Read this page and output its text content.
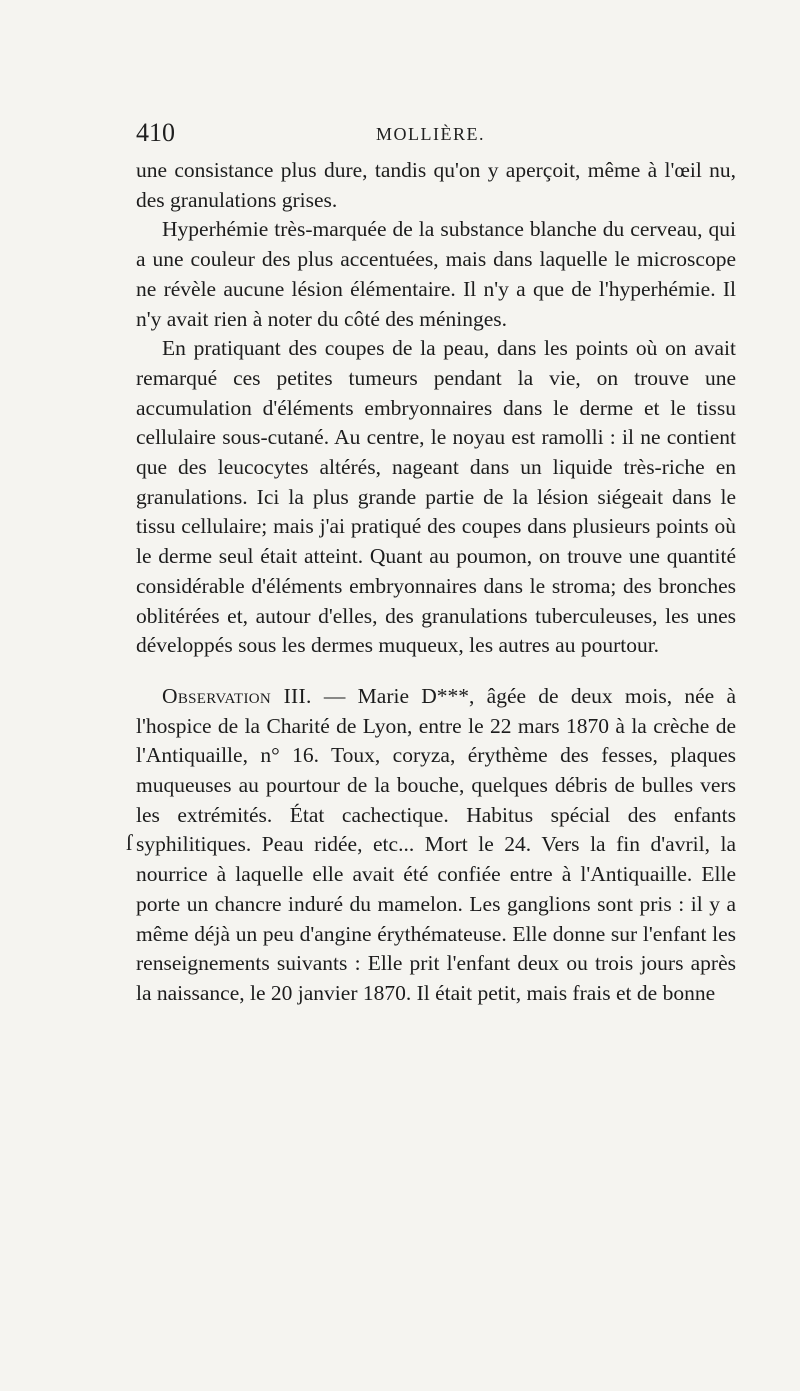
410	MOLLIÈRE.
ſ

une consistance plus dure, tandis qu'on y aperçoit, même à l'œil nu, des granulations grises.

Hyperhémie très-marquée de la substance blanche du cerveau, qui a une couleur des plus accentuées, mais dans laquelle le microscope ne révèle aucune lésion élémentaire. Il n'y a que de l'hyperhémie. Il n'y avait rien à noter du côté des méninges.

En pratiquant des coupes de la peau, dans les points où on avait remarqué ces petites tumeurs pendant la vie, on trouve une accumulation d'éléments embryonnaires dans le derme et le tissu cellulaire sous-cutané. Au centre, le noyau est ramolli : il ne contient que des leucocytes altérés, nageant dans un liquide très-riche en granulations. Ici la plus grande partie de la lésion siégeait dans le tissu cellulaire; mais j'ai pratiqué des coupes dans plusieurs points où le derme seul était atteint. Quant au poumon, on trouve une quantité considérable d'éléments embryonnaires dans le stroma; des bronches oblitérées et, autour d'elles, des granulations tuberculeuses, les unes développés sous les dermes muqueux, les autres au pourtour.

Observation III. — Marie D***, âgée de deux mois, née à l'hospice de la Charité de Lyon, entre le 22 mars 1870 à la crèche de l'Antiquaille, n° 16. Toux, coryza, érythème des fesses, plaques muqueuses au pourtour de la bouche, quelques débris de bulles vers les extrémités. État cachectique. Habitus spécial des enfants syphilitiques. Peau ridée, etc... Mort le 24. Vers la fin d'avril, la nourrice à laquelle elle avait été confiée entre à l'Antiquaille. Elle porte un chancre induré du mamelon. Les ganglions sont pris : il y a même déjà un peu d'angine érythémateuse. Elle donne sur l'enfant les renseignements suivants : Elle prit l'enfant deux ou trois jours après la naissance, le 20 janvier 1870. Il était petit, mais frais et de bonne
